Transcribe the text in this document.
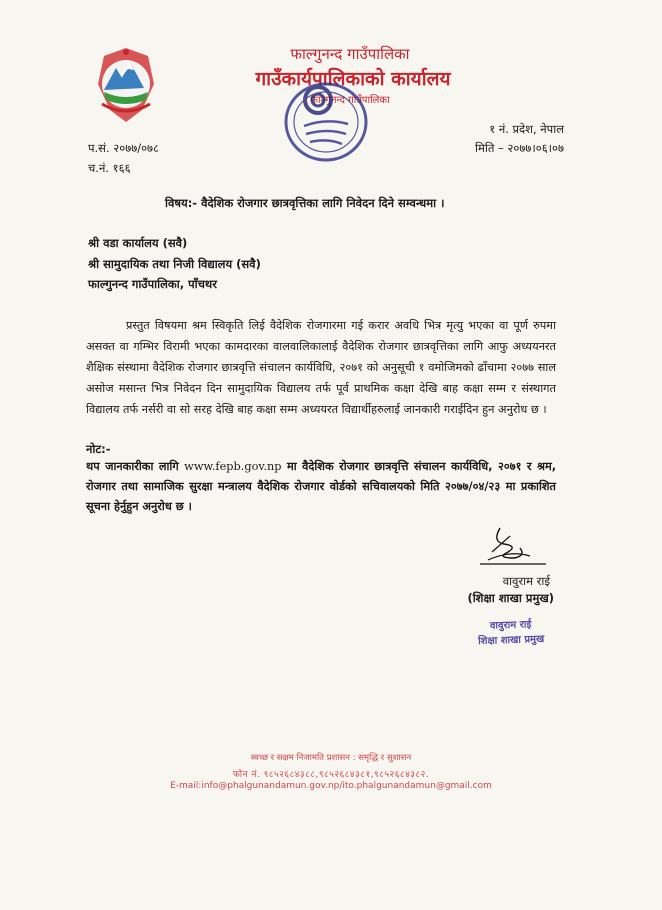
फाल्गुनन्द गाउँपालिका
गाउँकार्यपालिकाको कार्यालय
फाल्गुनन्द गाउँपालिका
प.सं. २०७७/०७८
च.नं. १६६
१ नं. प्रदेश, नेपाल
मिति – २०७७।०६।०७
विषय:- वैदेशिक रोजगार छात्रवृत्तिका लागि निवेदन दिने सम्वन्धमा ।
श्री वडा कार्यालय (सवै)
श्री सामुदायिक तथा निजी विद्यालय (सवै)
फाल्गुनन्द गाउँपालिका, पाँचथर
प्रस्तुत विषयमा श्रम स्विकृति लिई वैदेशिक रोजगारमा गई करार अवधि भित्र मृत्यु भएका वा पूर्ण रुपमा असक्त वा गम्भिर विरामी भएका कामदारका वालवालिकालाई वैदेशिक रोजगार छात्रवृत्तिका लागि आफु अध्ययनरत शैक्षिक संस्थामा वैदेशिक रोजगार छात्रवृत्ति संचालन कार्यविधि, २०७१ को अनुसूची १ वमोजिमको ढाँचामा २०७७ साल असोज मसान्त भित्र निवेदन दिन सामुदायिक विद्यालय तर्फ पूर्व प्राथमिक कक्षा देखि बाह कक्षा सम्म र संस्थागत विद्यालय तर्फ नर्सरी वा सो सरह देखि बाह कक्षा सम्म अध्ययरत विद्यार्थीहरुलाई जानकारी गराईदिन हुन अनुरोध छ ।
नोट:-
थप जानकारीका लागि www.fepb.gov.np मा वैदेशिक रोजगार छात्रवृत्ति संचालन कार्यविधि, २०७१ र श्रम, रोजगार तथा सामाजिक सुरक्षा मन्त्रालय वैदेशिक रोजगार वोर्डको सचिवालयको मिति २०७७/०४/२३ मा प्रकाशित सूचना हेर्नुहुन अनुरोध छ ।
वावुराम राई
(शिक्षा शाखा प्रमुख)
वावुराम राई
शिक्षा शाखा प्रमुख
स्वच्छ र सक्षम निजामति प्रशासन : समृद्धि र सुशासन
फोन नं. ९८५२६८४३८८,९८५२६८४३८१,९८५२६८४३८२.
E-mail:info@phalgunandamun.gov.np/ito.phalgunandamun@gmail.com
